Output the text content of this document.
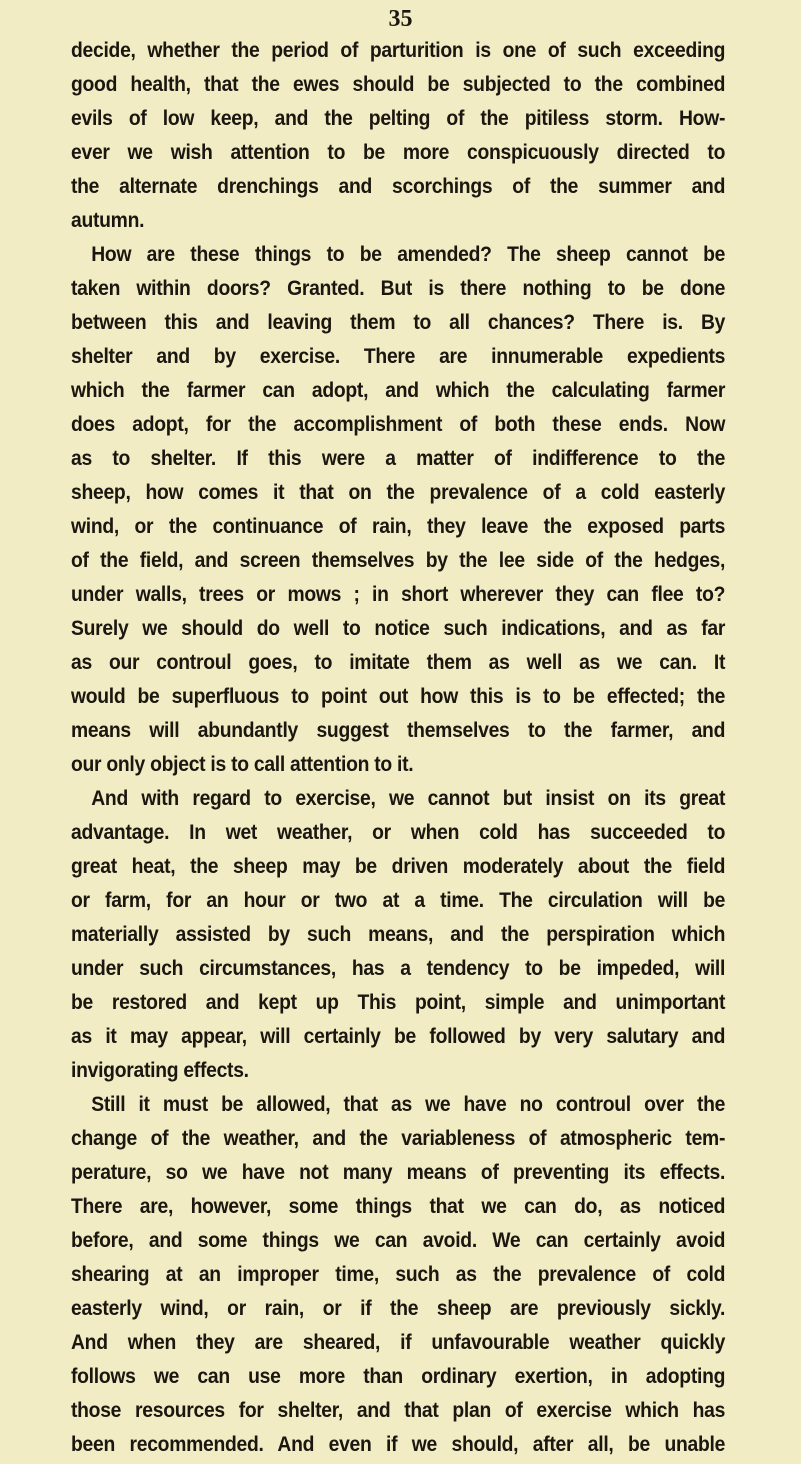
35
decide, whether the period of parturition is one of such exceeding
good health, that the ewes should be subjected to the combined
evils of low keep, and the pelting of the pitiless storm. How-
ever we wish attention to be more conspicuously directed to
the alternate drenchings and scorchings of the summer and
autumn.
How are these things to be amended? The sheep cannot be
taken within doors? Granted. But is there nothing to be done
between this and leaving them to all chances? There is. By
shelter and by exercise. There are innumerable expedients
which the farmer can adopt, and which the calculating farmer
does adopt, for the accomplishment of both these ends. Now
as to shelter. If this were a matter of indifference to the
sheep, how comes it that on the prevalence of a cold easterly
wind, or the continuance of rain, they leave the exposed parts
of the field, and screen themselves by the lee side of the hedges,
under walls, trees or mows ; in short wherever they can flee to?
Surely we should do well to notice such indications, and as far
as our controul goes, to imitate them as well as we can. It
would be superfluous to point out how this is to be effected; the
means will abundantly suggest themselves to the farmer, and
our only object is to call attention to it.
And with regard to exercise, we cannot but insist on its great
advantage. In wet weather, or when cold has succeeded to
great heat, the sheep may be driven moderately about the field
or farm, for an hour or two at a time. The circulation will be
materially assisted by such means, and the perspiration which
under such circumstances, has a tendency to be impeded, will
be restored and kept up This point, simple and unimportant
as it may appear, will certainly be followed by very salutary and
invigorating effects.
Still it must be allowed, that as we have no controul over the
change of the weather, and the variableness of atmospheric tem-
perature, so we have not many means of preventing its effects.
There are, however, some things that we can do, as noticed
before, and some things we can avoid. We can certainly avoid
shearing at an improper time, such as the prevalence of cold
easterly wind, or rain, or if the sheep are previously sickly.
And when they are sheared, if unfavourable weather quickly
follows we can use more than ordinary exertion, in adopting
those resources for shelter, and that plan of exercise which has
been recommended. And even if we should, after all, be unable
